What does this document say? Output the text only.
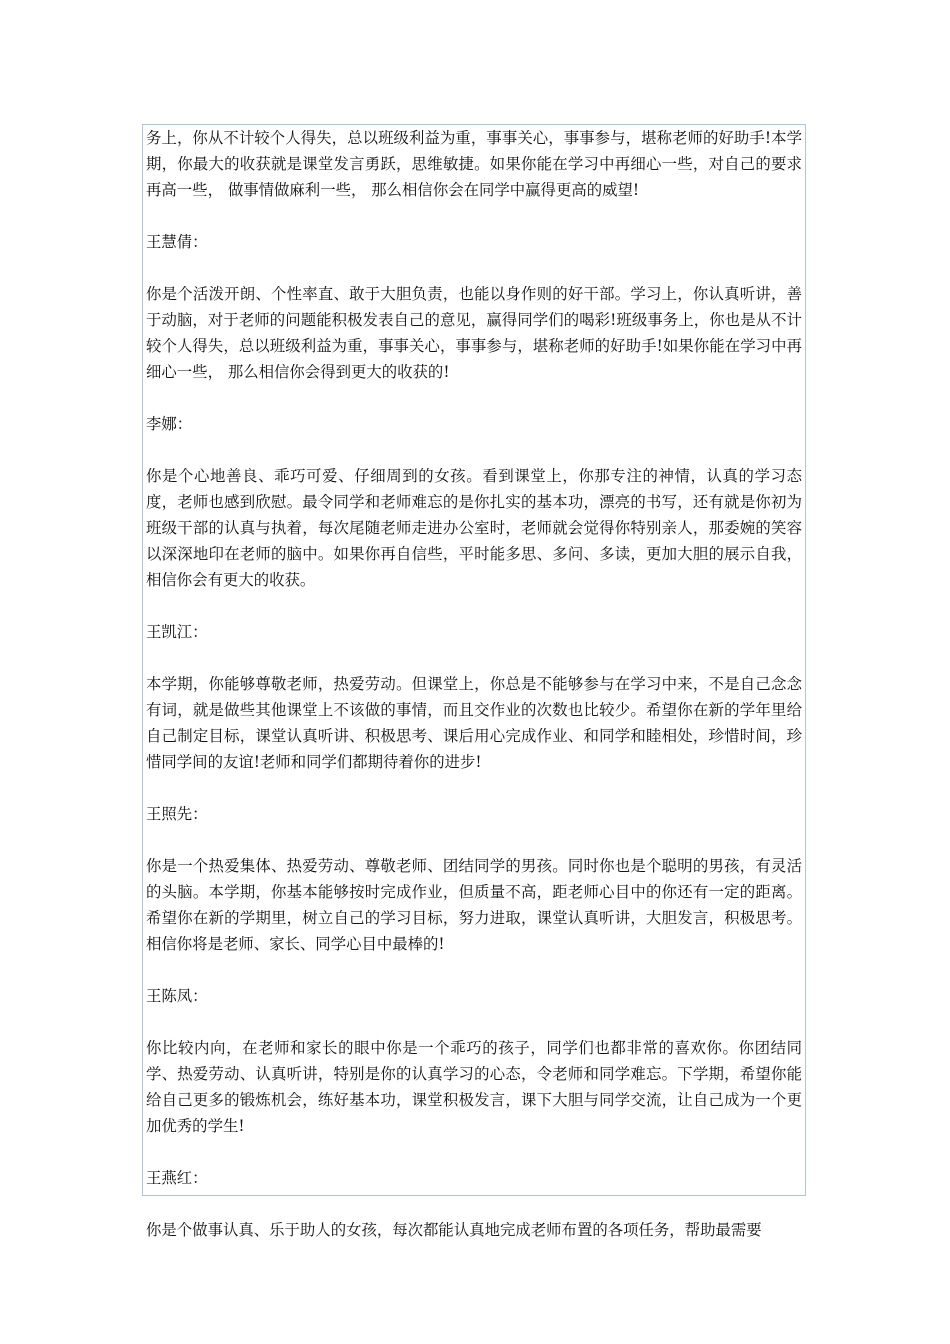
务上，你从不计较个人得失，总以班级利益为重，事事关心，事事参与，堪称老师的好助手!本学期，你最大的收获就是课堂发言勇跃，思维敏捷。如果你能在学习中再细心一些，对自己的要求再高一些， 做事情做麻利一些， 那么相信你会在同学中赢得更高的威望!

王慧倩：

你是个活泼开朗、个性率直、敢于大胆负责，也能以身作则的好干部。学习上，你认真听讲，善于动脑，对于老师的问题能积极发表自己的意见，赢得同学们的喝彩!班级事务上，你也是从不计较个人得失，总以班级利益为重，事事关心，事事参与，堪称老师的好助手!如果你能在学习中再细心一些， 那么相信你会得到更大的收获的!

李娜：

你是个心地善良、乖巧可爱、仔细周到的女孩。看到课堂上，你那专注的神情，认真的学习态度，老师也感到欣慰。最令同学和老师难忘的是你扎实的基本功，漂亮的书写，还有就是你初为班级干部的认真与执着，每次尾随老师走进办公室时，老师就会觉得你特别亲人，那委婉的笑容以深深地印在老师的脑中。如果你再自信些，平时能多思、多问、多读，更加大胆的展示自我， 相信你会有更大的收获。

王凯江：

本学期，你能够尊敬老师，热爱劳动。但课堂上，你总是不能够参与在学习中来，不是自己念念有词，就是做些其他课堂上不该做的事情，而且交作业的次数也比较少。希望你在新的学年里给自己制定目标，课堂认真听讲、积极思考、课后用心完成作业、和同学和睦相处，珍惜时间，珍惜同学间的友谊!老师和同学们都期待着你的进步!

王照先：

你是一个热爱集体、热爱劳动、尊敬老师、团结同学的男孩。同时你也是个聪明的男孩，有灵活的头脑。本学期，你基本能够按时完成作业，但质量不高，距老师心目中的你还有一定的距离。希望你在新的学期里，树立自己的学习目标，努力进取，课堂认真听讲，大胆发言，积极思考。 相信你将是老师、家长、同学心目中最棒的!

王陈凤：

你比较内向，在老师和家长的眼中你是一个乖巧的孩子，同学们也都非常的喜欢你。你团结同学、热爱劳动、认真听讲，特别是你的认真学习的心态，令老师和同学难忘。下学期，希望你能给自己更多的锻炼机会，练好基本功，课堂积极发言，课下大胆与同学交流，让自己成为一个更加优秀的学生!

王燕红：

你是个做事认真、乐于助人的女孩，每次都能认真地完成老师布置的各项任务，帮助最需要
